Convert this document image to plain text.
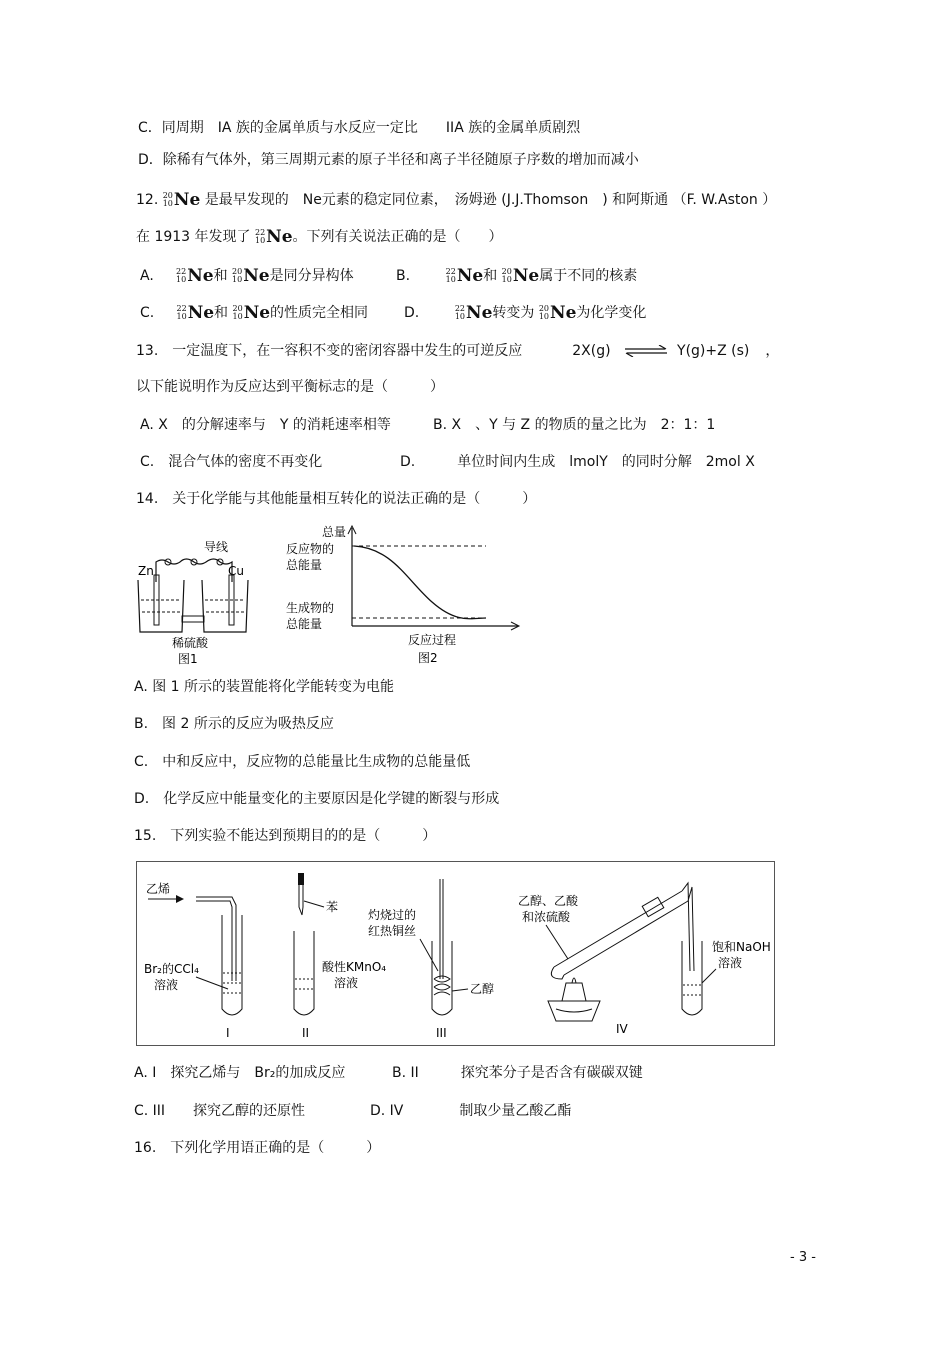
C．同周期　IA 族的金属单质与水反应一定比　　IIA 族的金属单质剧烈
D．除稀有气体外，第三周期元素的原子半径和离子半径随原子序数的增加而减小
12. 20
10 Ne 是最早发现的　Ne元素的稳定同位素，　汤姆逊 (J.J.Thomson　) 和阿斯通 （F. W.Aston ）
在 1913 年发现了 22
10 Ne。下列有关说法正确的是（　　）
A.	22
10 Ne和 20
10 Ne是同分异构体	B.	22
10 Ne和 20
10 Ne属于不同的核素
C.	22
10 Ne和 20
10 Ne的性质完全相同	D.	22
10 Ne转变为 20
10 Ne为化学变化
13.　一定温度下，在一容积不变的密闭容器中发生的可逆反应	2X(g) ⇌ Y(g)+Z (s) ，
以下能说明作为反应达到平衡标志的是（　　　）
A. X　的分解速率与　Y 的消耗速率相等	B. X　、Y 与 Z 的物质的量之比为　2：1：1
C.　混合气体的密度不再变化	D.　　　单位时间内生成　lmolY　的同时分解　2mol X
14.　关于化学能与其他能量相互转化的说法正确的是（　　　）
导线
Zn	Cu
稀硫酸
图1
总量
反应物的
总能量
生成物的
总能量
反应过程
图2
A. 图 1 所示的装置能将化学能转变为电能
B.　图 2 所示的反应为吸热反应
C.　中和反应中，反应物的总能量比生成物的总能量低
D.　化学反应中能量变化的主要原因是化学键的断裂与形成
15.　下列实验不能达到预期目的的是（　　　）
乙烯
Br₂的CCl₄
溶液
I
苯
酸性KMnO₄
溶液
II
灼烧过的
红热铜丝
乙醇
III
乙醇、乙酸
和浓硫酸
饱和NaOH
溶液
IV
A. I　探究乙烯与　Br₂的加成反应	B. II　　　探究苯分子是否含有碳碳双键
C. III　　探究乙醇的还原性	D. IV　　　　制取少量乙酸乙酯
16.　下列化学用语正确的是（　　　）
- 3 -
